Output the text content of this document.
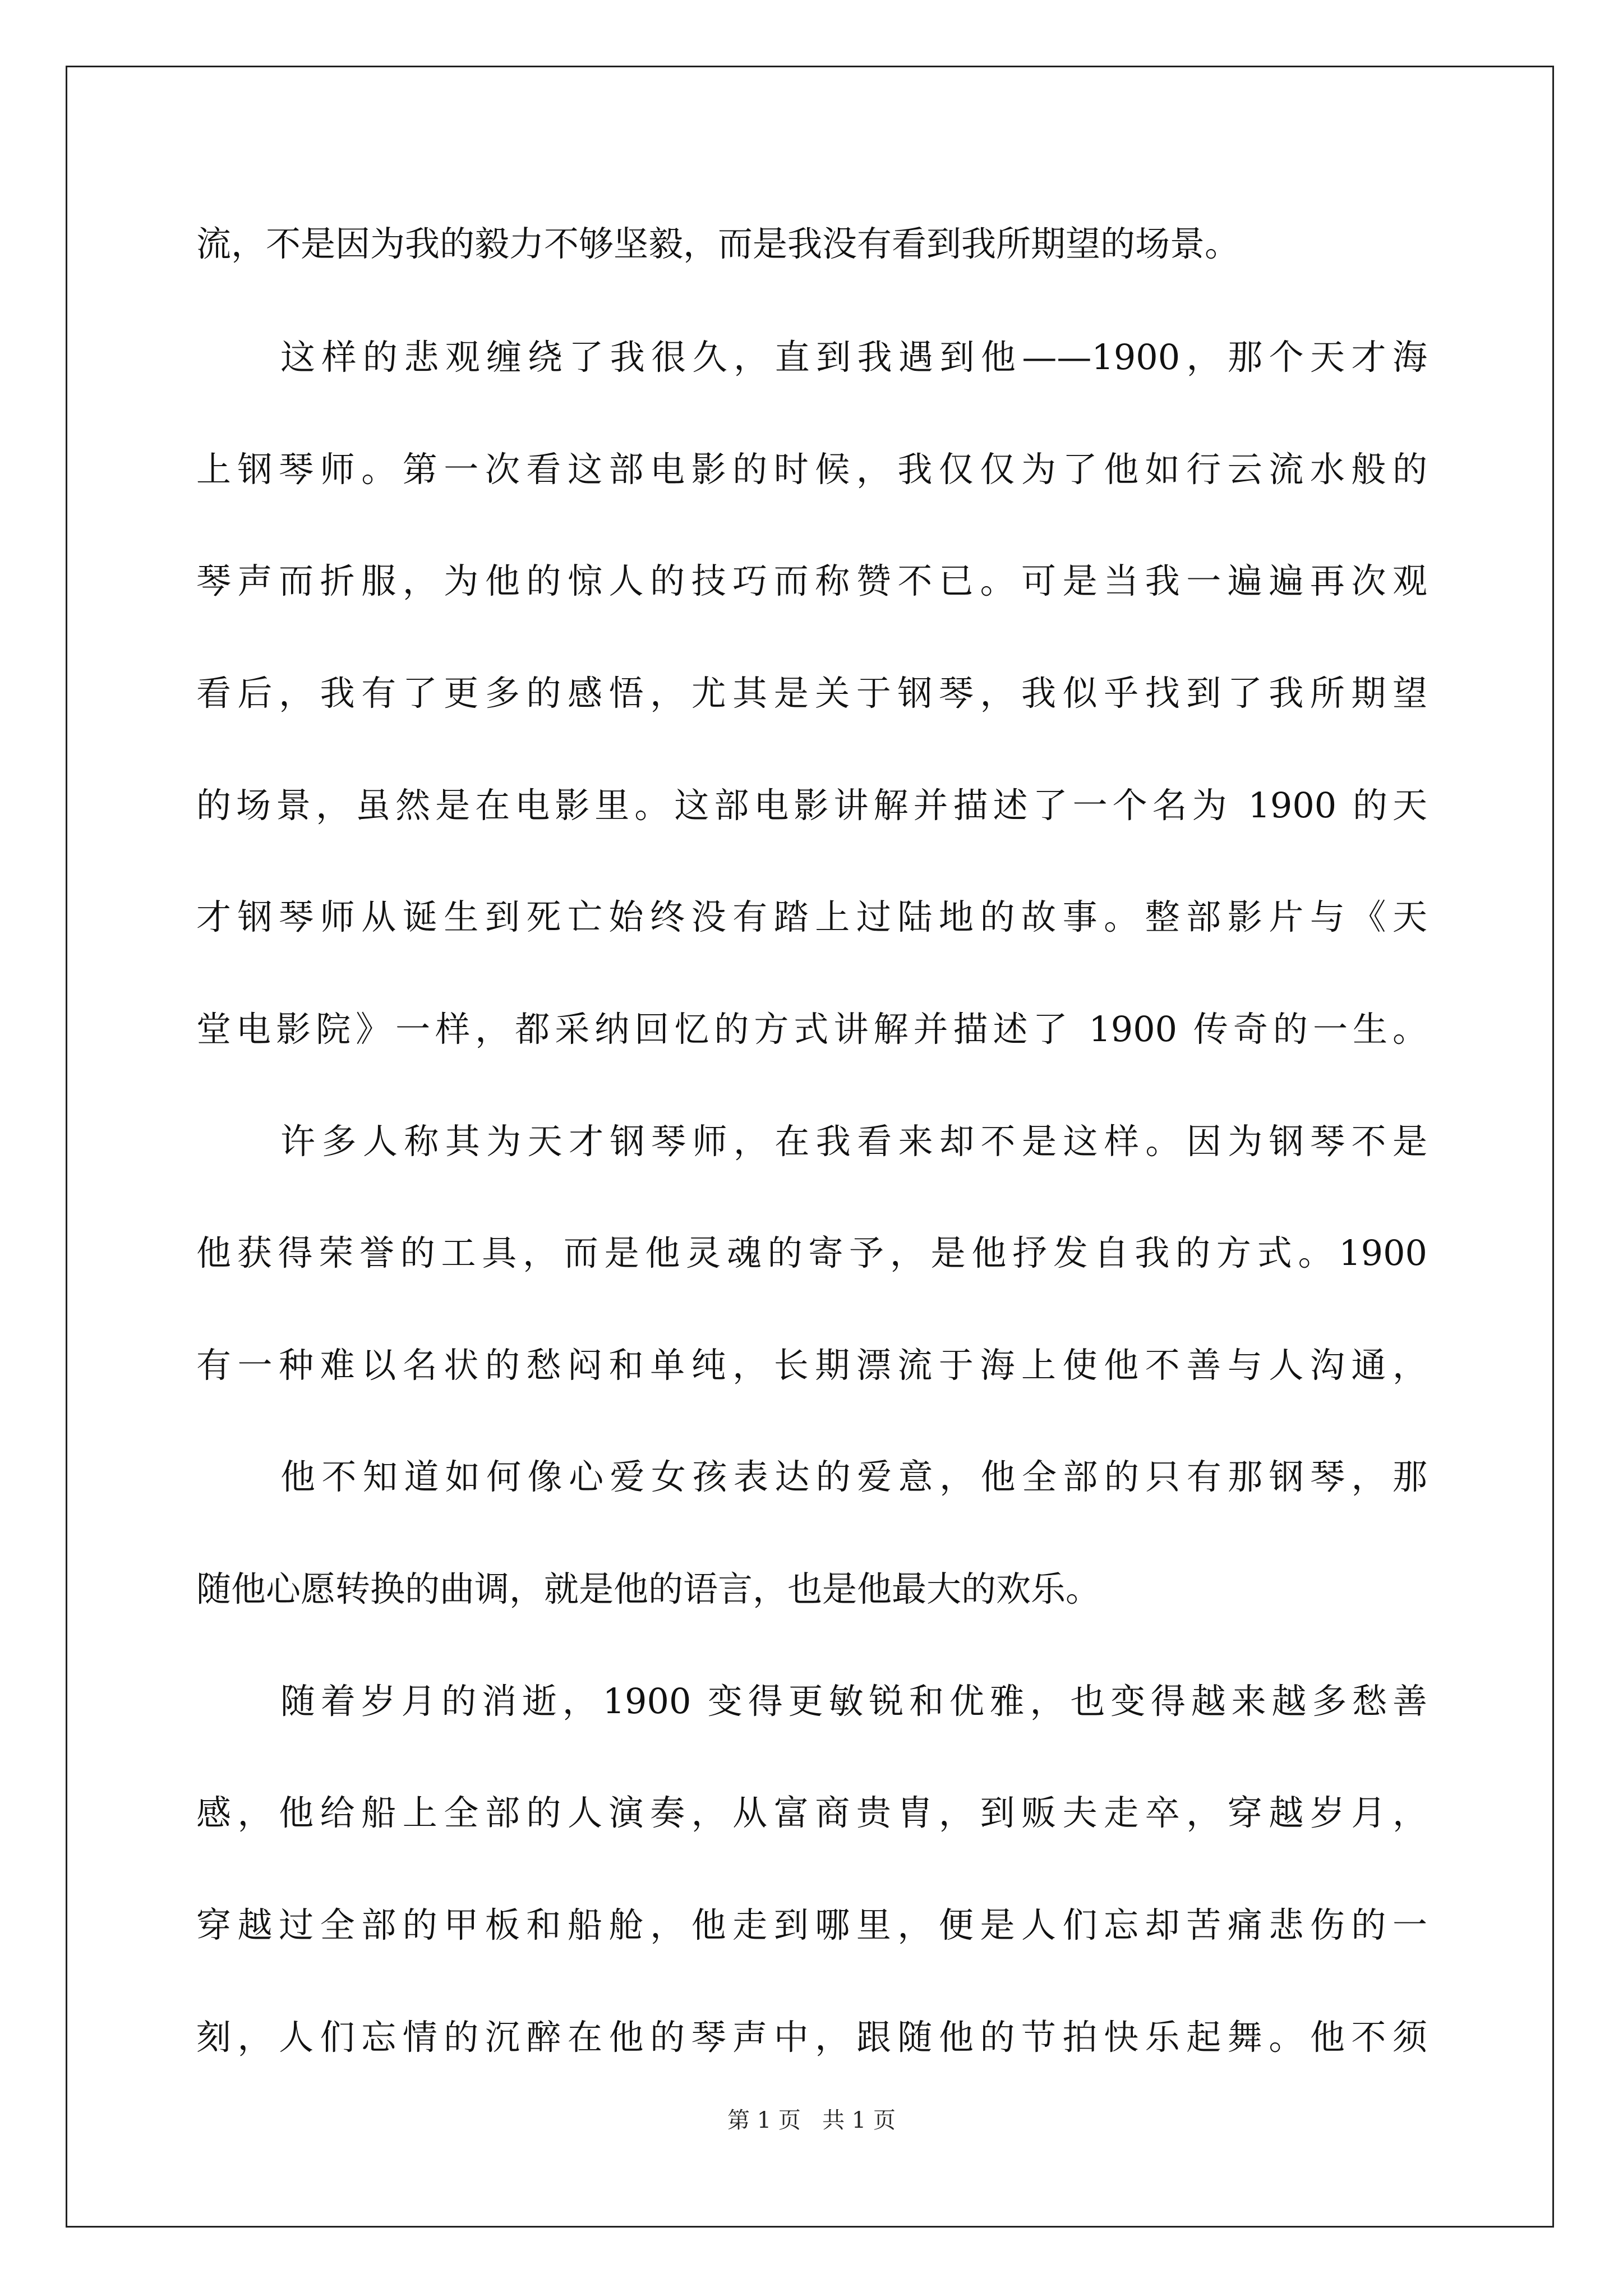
流，不是因为我的毅力不够坚毅，而是我没有看到我所期望的场景。
这样的悲观缠绕了我很久，直到我遇到他——1900，那个天才海
上钢琴师。第一次看这部电影的时候，我仅仅为了他如行云流水般的
琴声而折服，为他的惊人的技巧而称赞不已。可是当我一遍遍再次观
看后，我有了更多的感悟，尤其是关于钢琴，我似乎找到了我所期望
的场景，虽然是在电影里。这部电影讲解并描述了一个名为 1900 的天
才钢琴师从诞生到死亡始终没有踏上过陆地的故事。整部影片与《天
堂电影院》一样，都采纳回忆的方式讲解并描述了 1900 传奇的一生。
许多人称其为天才钢琴师，在我看来却不是这样。因为钢琴不是
他获得荣誉的工具，而是他灵魂的寄予，是他抒发自我的方式。1900
有一种难以名状的愁闷和单纯，长期漂流于海上使他不善与人沟通，
他不知道如何像心爱女孩表达的爱意，他全部的只有那钢琴，那
随他心愿转换的曲调，就是他的语言，也是他最大的欢乐。
随着岁月的消逝，1900 变得更敏锐和优雅，也变得越来越多愁善
感，他给船上全部的人演奏，从富商贵胄，到贩夫走卒，穿越岁月，
穿越过全部的甲板和船舱，他走到哪里，便是人们忘却苦痛悲伤的一
刻，人们忘情的沉醉在他的琴声中，跟随他的节拍快乐起舞。他不须
第 1 页   共 1 页
